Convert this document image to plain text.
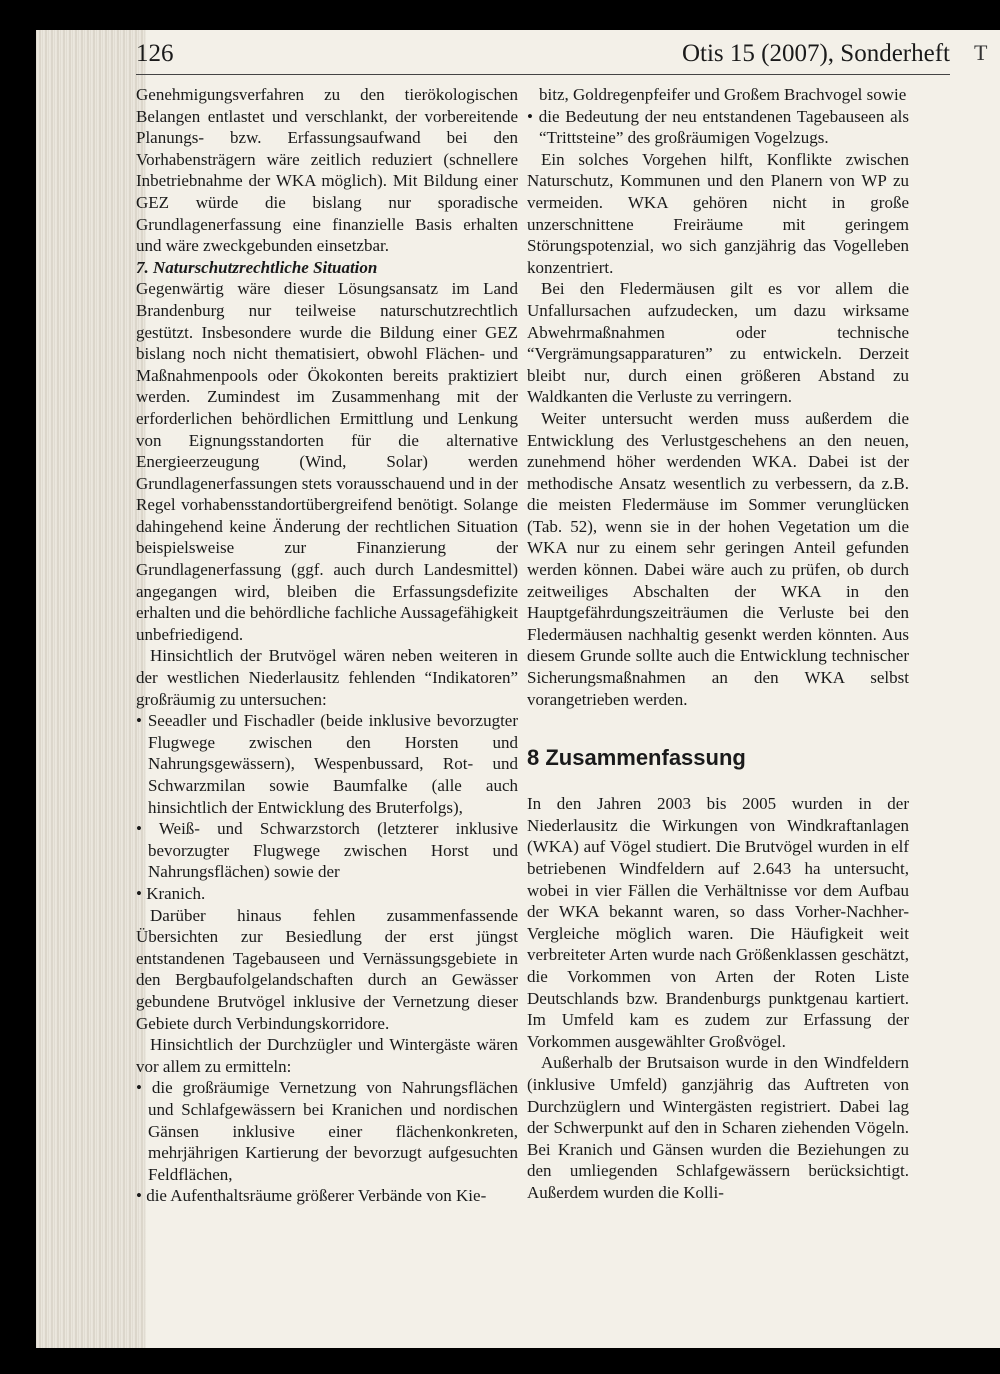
T
126	Otis 15 (2007), Sonderheft

Genehmigungsverfahren zu den tierökologischen Belangen entlastet und verschlankt, der vorbereitende Planungs- bzw. Erfassungsaufwand bei den Vorhabensträgern wäre zeitlich reduziert (schnellere Inbetriebnahme der WKA möglich). Mit Bildung einer GEZ würde die bislang nur sporadische Grundlagenerfassung eine finanzielle Basis erhalten und wäre zweckgebunden einsetzbar.

7. Naturschutzrechtliche Situation

Gegenwärtig wäre dieser Lösungsansatz im Land Brandenburg nur teilweise naturschutzrechtlich gestützt. Insbesondere wurde die Bildung einer GEZ bislang noch nicht thematisiert, obwohl Flächen- und Maßnahmenpools oder Ökokonten bereits praktiziert werden. Zumindest im Zusammenhang mit der erforderlichen behördlichen Ermittlung und Lenkung von Eignungsstandorten für die alternative Energieerzeugung (Wind, Solar) werden Grundlagenerfassungen stets vorausschauend und in der Regel vorhabensstandortübergreifend benötigt. Solange dahingehend keine Änderung der rechtlichen Situation beispielsweise zur Finanzierung der Grundlagenerfassung (ggf. auch durch Landesmittel) angegangen wird, bleiben die Erfassungsdefizite erhalten und die behördliche fachliche Aussagefähigkeit unbefriedigend.

Hinsichtlich der Brutvögel wären neben weiteren in der westlichen Niederlausitz fehlenden “Indikatoren” großräumig zu untersuchen:

• Seeadler und Fischadler (beide inklusive bevorzugter Flugwege zwischen den Horsten und Nahrungsgewässern), Wespenbussard, Rot- und Schwarzmilan sowie Baumfalke (alle auch hinsichtlich der Entwicklung des Bruterfolgs),
• Weiß- und Schwarzstorch (letzterer inklusive bevorzugter Flugwege zwischen Horst und Nahrungsflächen) sowie der
• Kranich.

Darüber hinaus fehlen zusammenfassende Übersichten zur Besiedlung der erst jüngst entstandenen Tagebauseen und Vernässungsgebiete in den Bergbaufolgelandschaften durch an Gewässer gebundene Brutvögel inklusive der Vernetzung dieser Gebiete durch Verbindungskorridore.

Hinsichtlich der Durchzügler und Wintergäste wären vor allem zu ermitteln:

• die großräumige Vernetzung von Nahrungsflächen und Schlafgewässern bei Kranichen und nordischen Gänsen inklusive einer flächenkonkreten, mehrjährigen Kartierung der bevorzugt aufgesuchten Feldflächen,
• die Aufenthaltsräume größerer Verbände von Kie-

bitz, Goldregenpfeifer und Großem Brachvogel sowie

• die Bedeutung der neu entstandenen Tagebauseen als “Trittsteine” des großräumigen Vogelzugs.

Ein solches Vorgehen hilft, Konflikte zwischen Naturschutz, Kommunen und den Planern von WP zu vermeiden. WKA gehören nicht in große unzerschnittene Freiräume mit geringem Störungspotenzial, wo sich ganzjährig das Vogelleben konzentriert.

Bei den Fledermäusen gilt es vor allem die Unfallursachen aufzudecken, um dazu wirksame Abwehrmaßnahmen oder technische “Vergrämungsapparaturen” zu entwickeln. Derzeit bleibt nur, durch einen größeren Abstand zu Waldkanten die Verluste zu verringern.

Weiter untersucht werden muss außerdem die Entwicklung des Verlustgeschehens an den neuen, zunehmend höher werdenden WKA. Dabei ist der methodische Ansatz wesentlich zu verbessern, da z.B. die meisten Fledermäuse im Sommer verunglücken (Tab. 52), wenn sie in der hohen Vegetation um die WKA nur zu einem sehr geringen Anteil gefunden werden können. Dabei wäre auch zu prüfen, ob durch zeitweiliges Abschalten der WKA in den Hauptgefährdungszeiträumen die Verluste bei den Fledermäusen nachhaltig gesenkt werden könnten. Aus diesem Grunde sollte auch die Entwicklung technischer Sicherungsmaßnahmen an den WKA selbst vorangetrieben werden.

8 Zusammenfassung

In den Jahren 2003 bis 2005 wurden in der Niederlausitz die Wirkungen von Windkraftanlagen (WKA) auf Vögel studiert. Die Brutvögel wurden in elf betriebenen Windfeldern auf 2.643 ha untersucht, wobei in vier Fällen die Verhältnisse vor dem Aufbau der WKA bekannt waren, so dass Vorher-Nachher-Vergleiche möglich waren. Die Häufigkeit weit verbreiteter Arten wurde nach Größenklassen geschätzt, die Vorkommen von Arten der Roten Liste Deutschlands bzw. Brandenburgs punktgenau kartiert. Im Umfeld kam es zudem zur Erfassung der Vorkommen ausgewählter Großvögel.

Außerhalb der Brutsaison wurde in den Windfeldern (inklusive Umfeld) ganzjährig das Auftreten von Durchzüglern und Wintergästen registriert. Dabei lag der Schwerpunkt auf den in Scharen ziehenden Vögeln. Bei Kranich und Gänsen wurden die Beziehungen zu den umliegenden Schlafgewässern berücksichtigt. Außerdem wurden die Kolli-
